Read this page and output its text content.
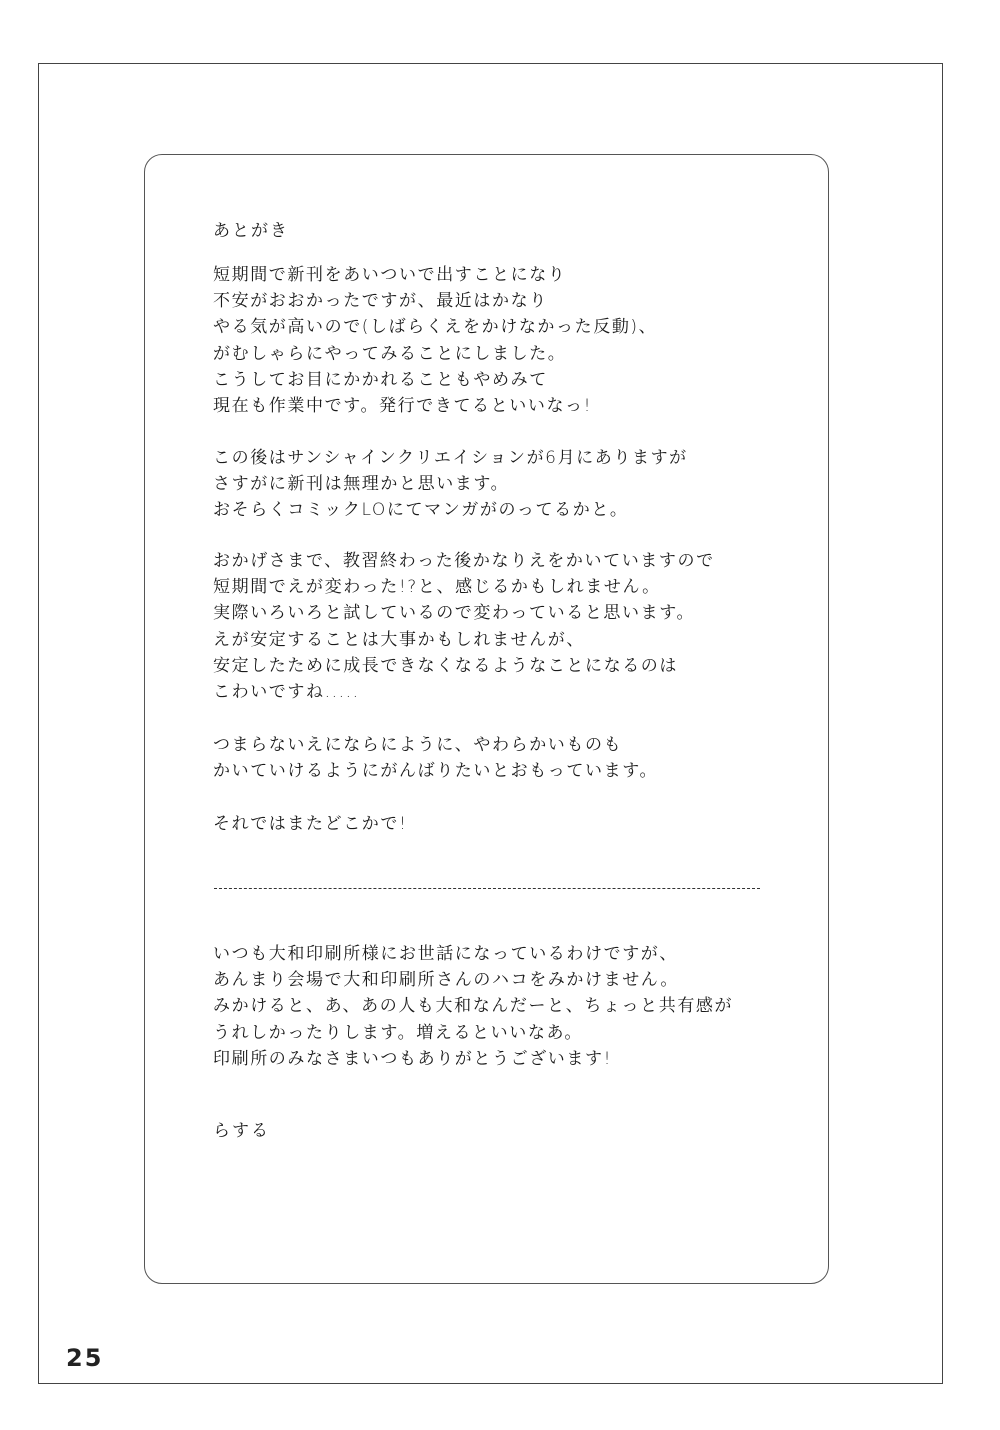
あとがき
短期間で新刊をあいついで出すことになり
不安がおおかったですが、最近はかなり
やる気が高いので(しばらくえをかけなかった反動)、
がむしゃらにやってみることにしました。
こうしてお目にかかれることもやめみて
現在も作業中です。発行できてるといいなっ!
この後はサンシャインクリエイションが6月にありますが
さすがに新刊は無理かと思います。
おそらくコミックLOにてマンガがのってるかと。
おかげさまで、教習終わった後かなりえをかいていますので
短期間でえが変わった!?と、感じるかもしれません。
実際いろいろと試しているので変わっていると思います。
えが安定することは大事かもしれませんが、
安定したために成長できなくなるようなことになるのは
こわいですね.....
つまらないえにならにように、やわらかいものも
かいていけるようにがんばりたいとおもっています。
それではまたどこかで!
いつも大和印刷所様にお世話になっているわけですが、
あんまり会場で大和印刷所さんのハコをみかけません。
みかけると、あ、あの人も大和なんだーと、ちょっと共有感が
うれしかったりします。増えるといいなあ。
印刷所のみなさまいつもありがとうございます!
らする
25
